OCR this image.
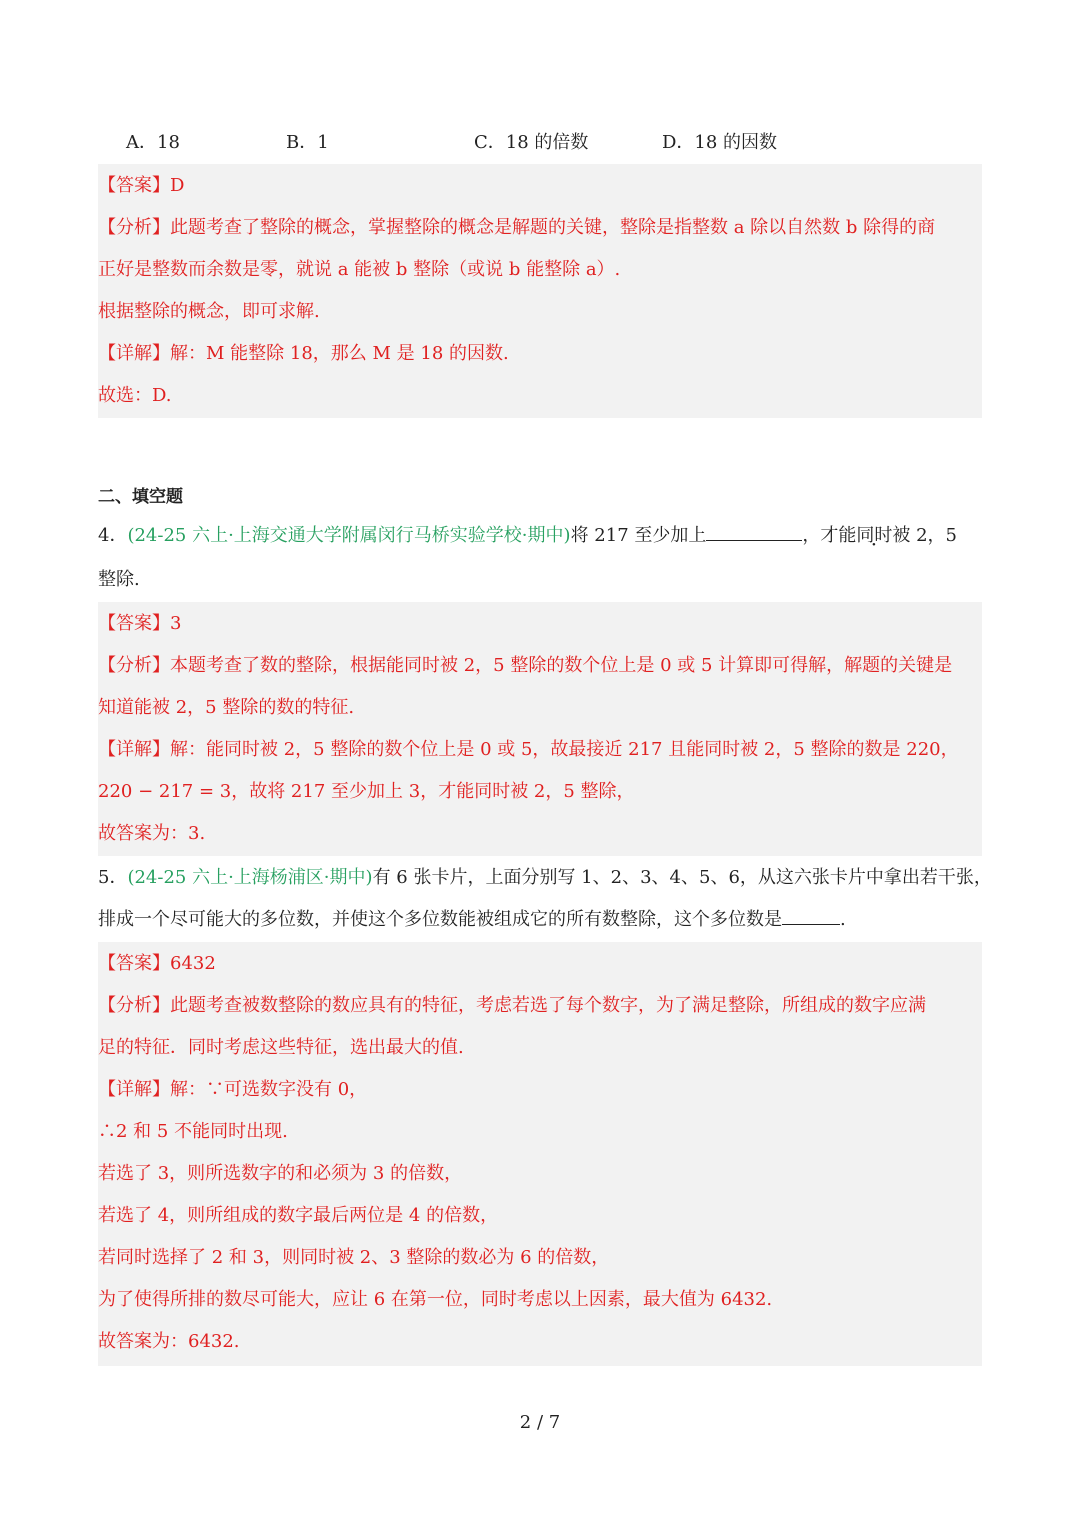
A．18	B．1	C．18 的倍数	D．18 的因数
【答案】D
【分析】此题考查了整除的概念，掌握整除的概念是解题的关键，整除是指整数 a 除以自然数 b 除得的商
正好是整数而余数是零，就说 a 能被 b 整除（或说 b 能整除 a）.
根据整除的概念，即可求解.
【详解】解：M 能整除 18，那么 M 是 18 的因数.
故选：D.
二、填空题
4．(24-25 六上·上海交通大学附属闵行马桥实验学校·期中)将 217 至少加上	，才能同时被 2，5
整除.
【答案】3
【分析】本题考查了数的整除，根据能同时被 2，5 整除的数个位上是 0 或 5 计算即可得解，解题的关键是
知道能被 2，5 整除的数的特征.
【详解】解：能同时被 2，5 整除的数个位上是 0 或 5，故最接近 217 且能同时被 2，5 整除的数是 220，
220 − 217 = 3，故将 217 至少加上 3，才能同时被 2，5 整除，
故答案为：3.
5．(24-25 六上·上海杨浦区·期中)有 6 张卡片，上面分别写 1、2、3、4、5、6，从这六张卡片中拿出若干张，
排成一个尽可能大的多位数，并使这个多位数能被组成它的所有数整除，这个多位数是	.
【答案】6432
【分析】此题考查被数整除的数应具有的特征，考虑若选了每个数字，为了满足整除，所组成的数字应满
足的特征．同时考虑这些特征，选出最大的值.
【详解】解：∵可选数字没有 0，
∴2 和 5 不能同时出现.
若选了 3，则所选数字的和必须为 3 的倍数，
若选了 4，则所组成的数字最后两位是 4 的倍数，
若同时选择了 2 和 3，则同时被 2、3 整除的数必为 6 的倍数，
为了使得所排的数尽可能大，应让 6 在第一位，同时考虑以上因素，最大值为 6432.
故答案为：6432.
2 / 7
